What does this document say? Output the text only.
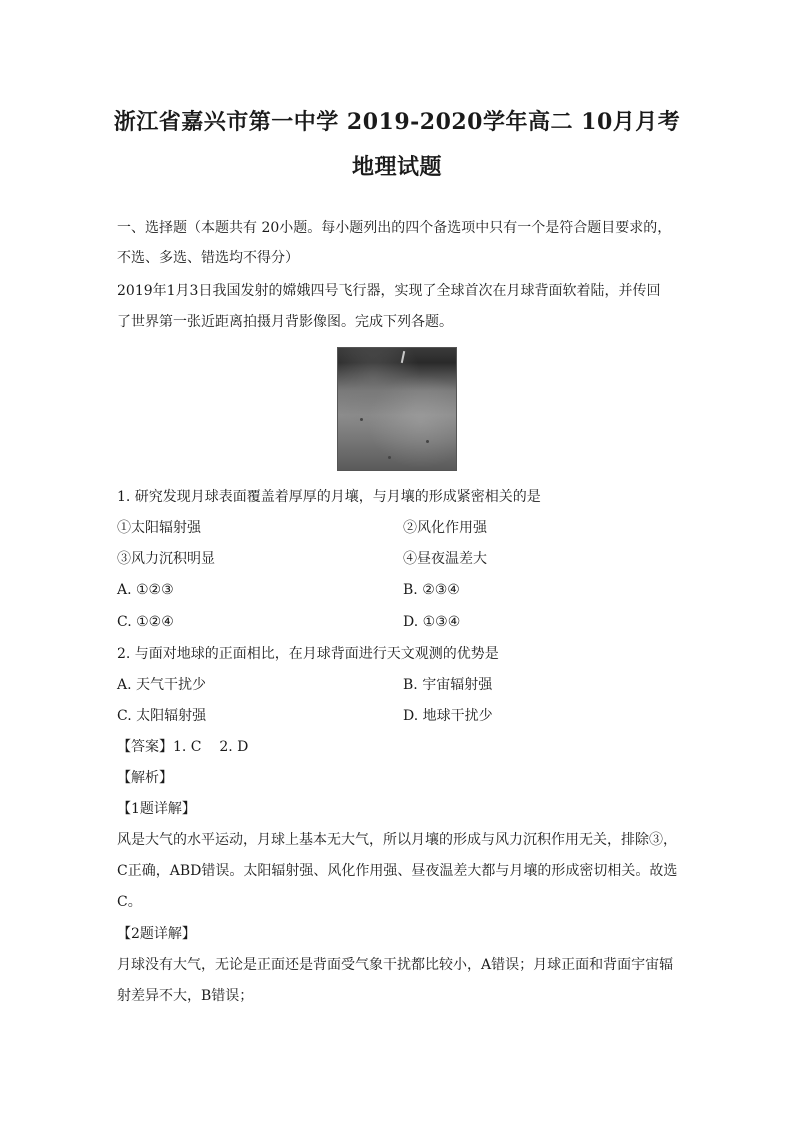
浙江省嘉兴市第一中学 2019-2020学年高二 10月月考
地理试题
一、选择题（本题共有 20小题。每小题列出的四个备选项中只有一个是符合题目要求的，
不选、多选、错选均不得分）
2019年1月3日我国发射的嫦娥四号飞行器，实现了全球首次在月球背面软着陆，并传回
了世界第一张近距离拍摄月背影像图。完成下列各题。
1. 研究发现月球表面覆盖着厚厚的月壤，与月壤的形成紧密相关的是
①太阳辐射强	②风化作用强
③风力沉积明显	④昼夜温差大
A. ①②③	B. ②③④
C. ①②④	D. ①③④
2. 与面对地球的正面相比，在月球背面进行天文观测的优势是
A. 天气干扰少	B. 宇宙辐射强
C. 太阳辐射强	D. 地球干扰少
【答案】1. C    2. D
【解析】
【1题详解】
风是大气的水平运动，月球上基本无大气，所以月壤的形成与风力沉积作用无关，排除③，
C正确，ABD错误。太阳辐射强、风化作用强、昼夜温差大都与月壤的形成密切相关。故选
C。
【2题详解】
月球没有大气，无论是正面还是背面受气象干扰都比较小，A错误；月球正面和背面宇宙辐
射差异不大，B错误；
